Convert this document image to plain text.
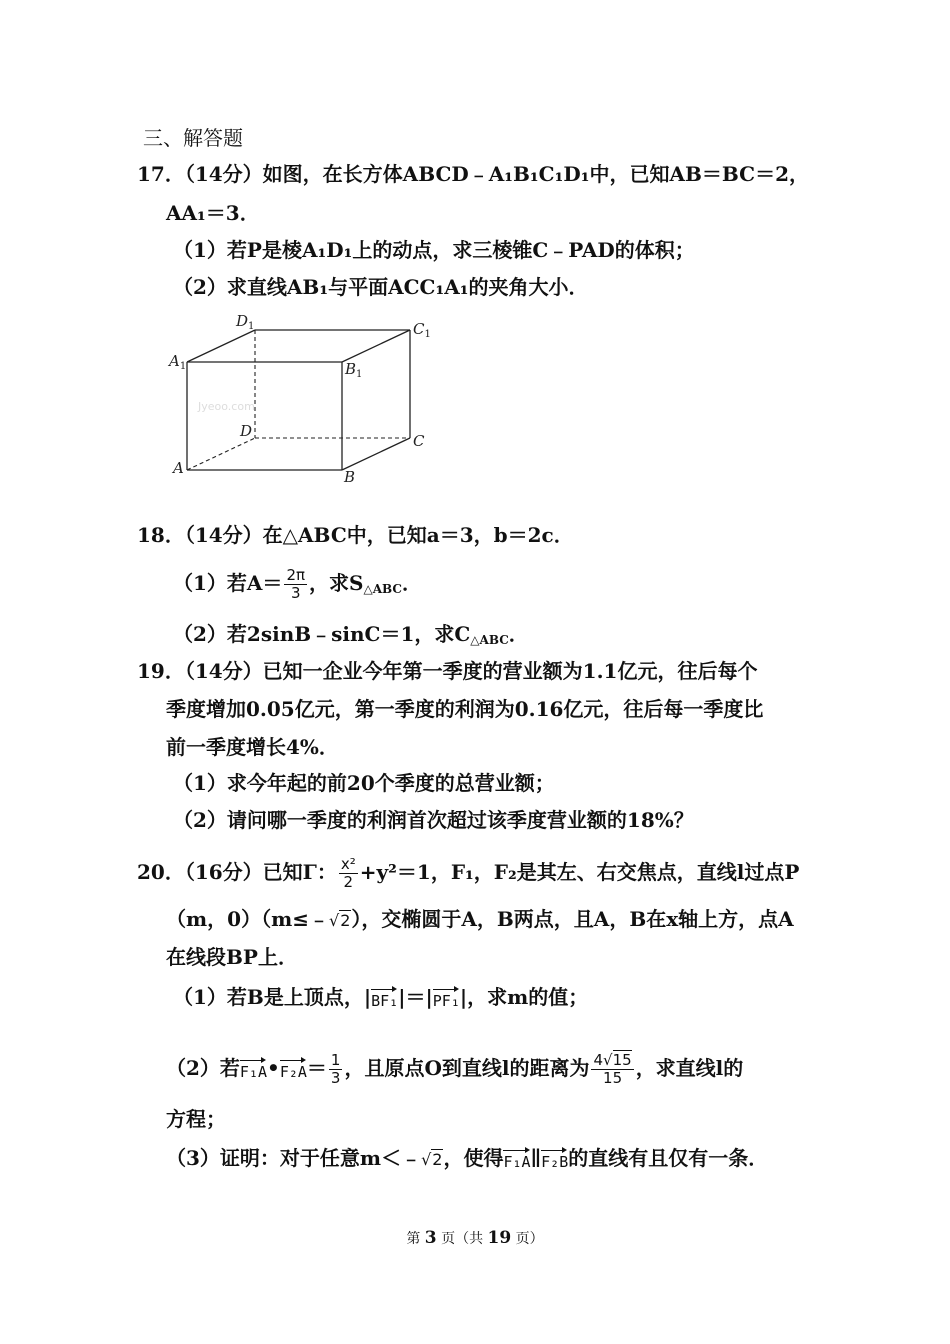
三、解答题
17．（14分）如图，在长方体ABCD﹣A₁B₁C₁D₁中，已知AB＝BC＝2，
AA₁＝3．
（1）若P是棱A₁D₁上的动点，求三棱锥C﹣PAD的体积；
（2）求直线AB₁与平面ACC₁A₁的夹角大小．
Jyeoo.com
$D_1$	$C_1$
$A_1$	$B_1$
D
C
A	B
18．（14分）在△ABC中，已知a＝3，b＝2c．
（1）若$A= \frac{2\pi}{3}$ ，求$S_{\triangle ABC}$．
（2）若2sinB﹣sinC＝1，求$C_{\triangle ABC}$．
19．（14分）已知一企业今年第一季度的营业额为1.1亿元，往后每个
季度增加0.05亿元，第一季度的利润为0.16亿元，往后每一季度比
前一季度增长4%．
（1）求今年起的前20个季度的总营业额；
（2）请问哪一季度的利润首次超过该季度营业额的18%？
20．（16分）已知Γ： $\frac{\text{x²}}{2} +y^2=1$，F₁，F₂是其左、右交焦点，直线l过点P
（m，0）（m≤﹣√2），交椭圆于A，B两点，且A，B在x轴上方，点A
在线段BP上．
（1）若B是上顶点，|BF₁|＝|PF₁|，求m的值；
（2）若F₁A•F₂A＝ $\frac{1}{3}$ ，且原点O到直线l的距离为 $\frac{4√15}{15}$ ，求直线l的
方程；
（3）证明：对于任意m＜﹣√2，使得F₁A∥F₂B的直线有且仅有一条．
第 3 页（共 19 页）
